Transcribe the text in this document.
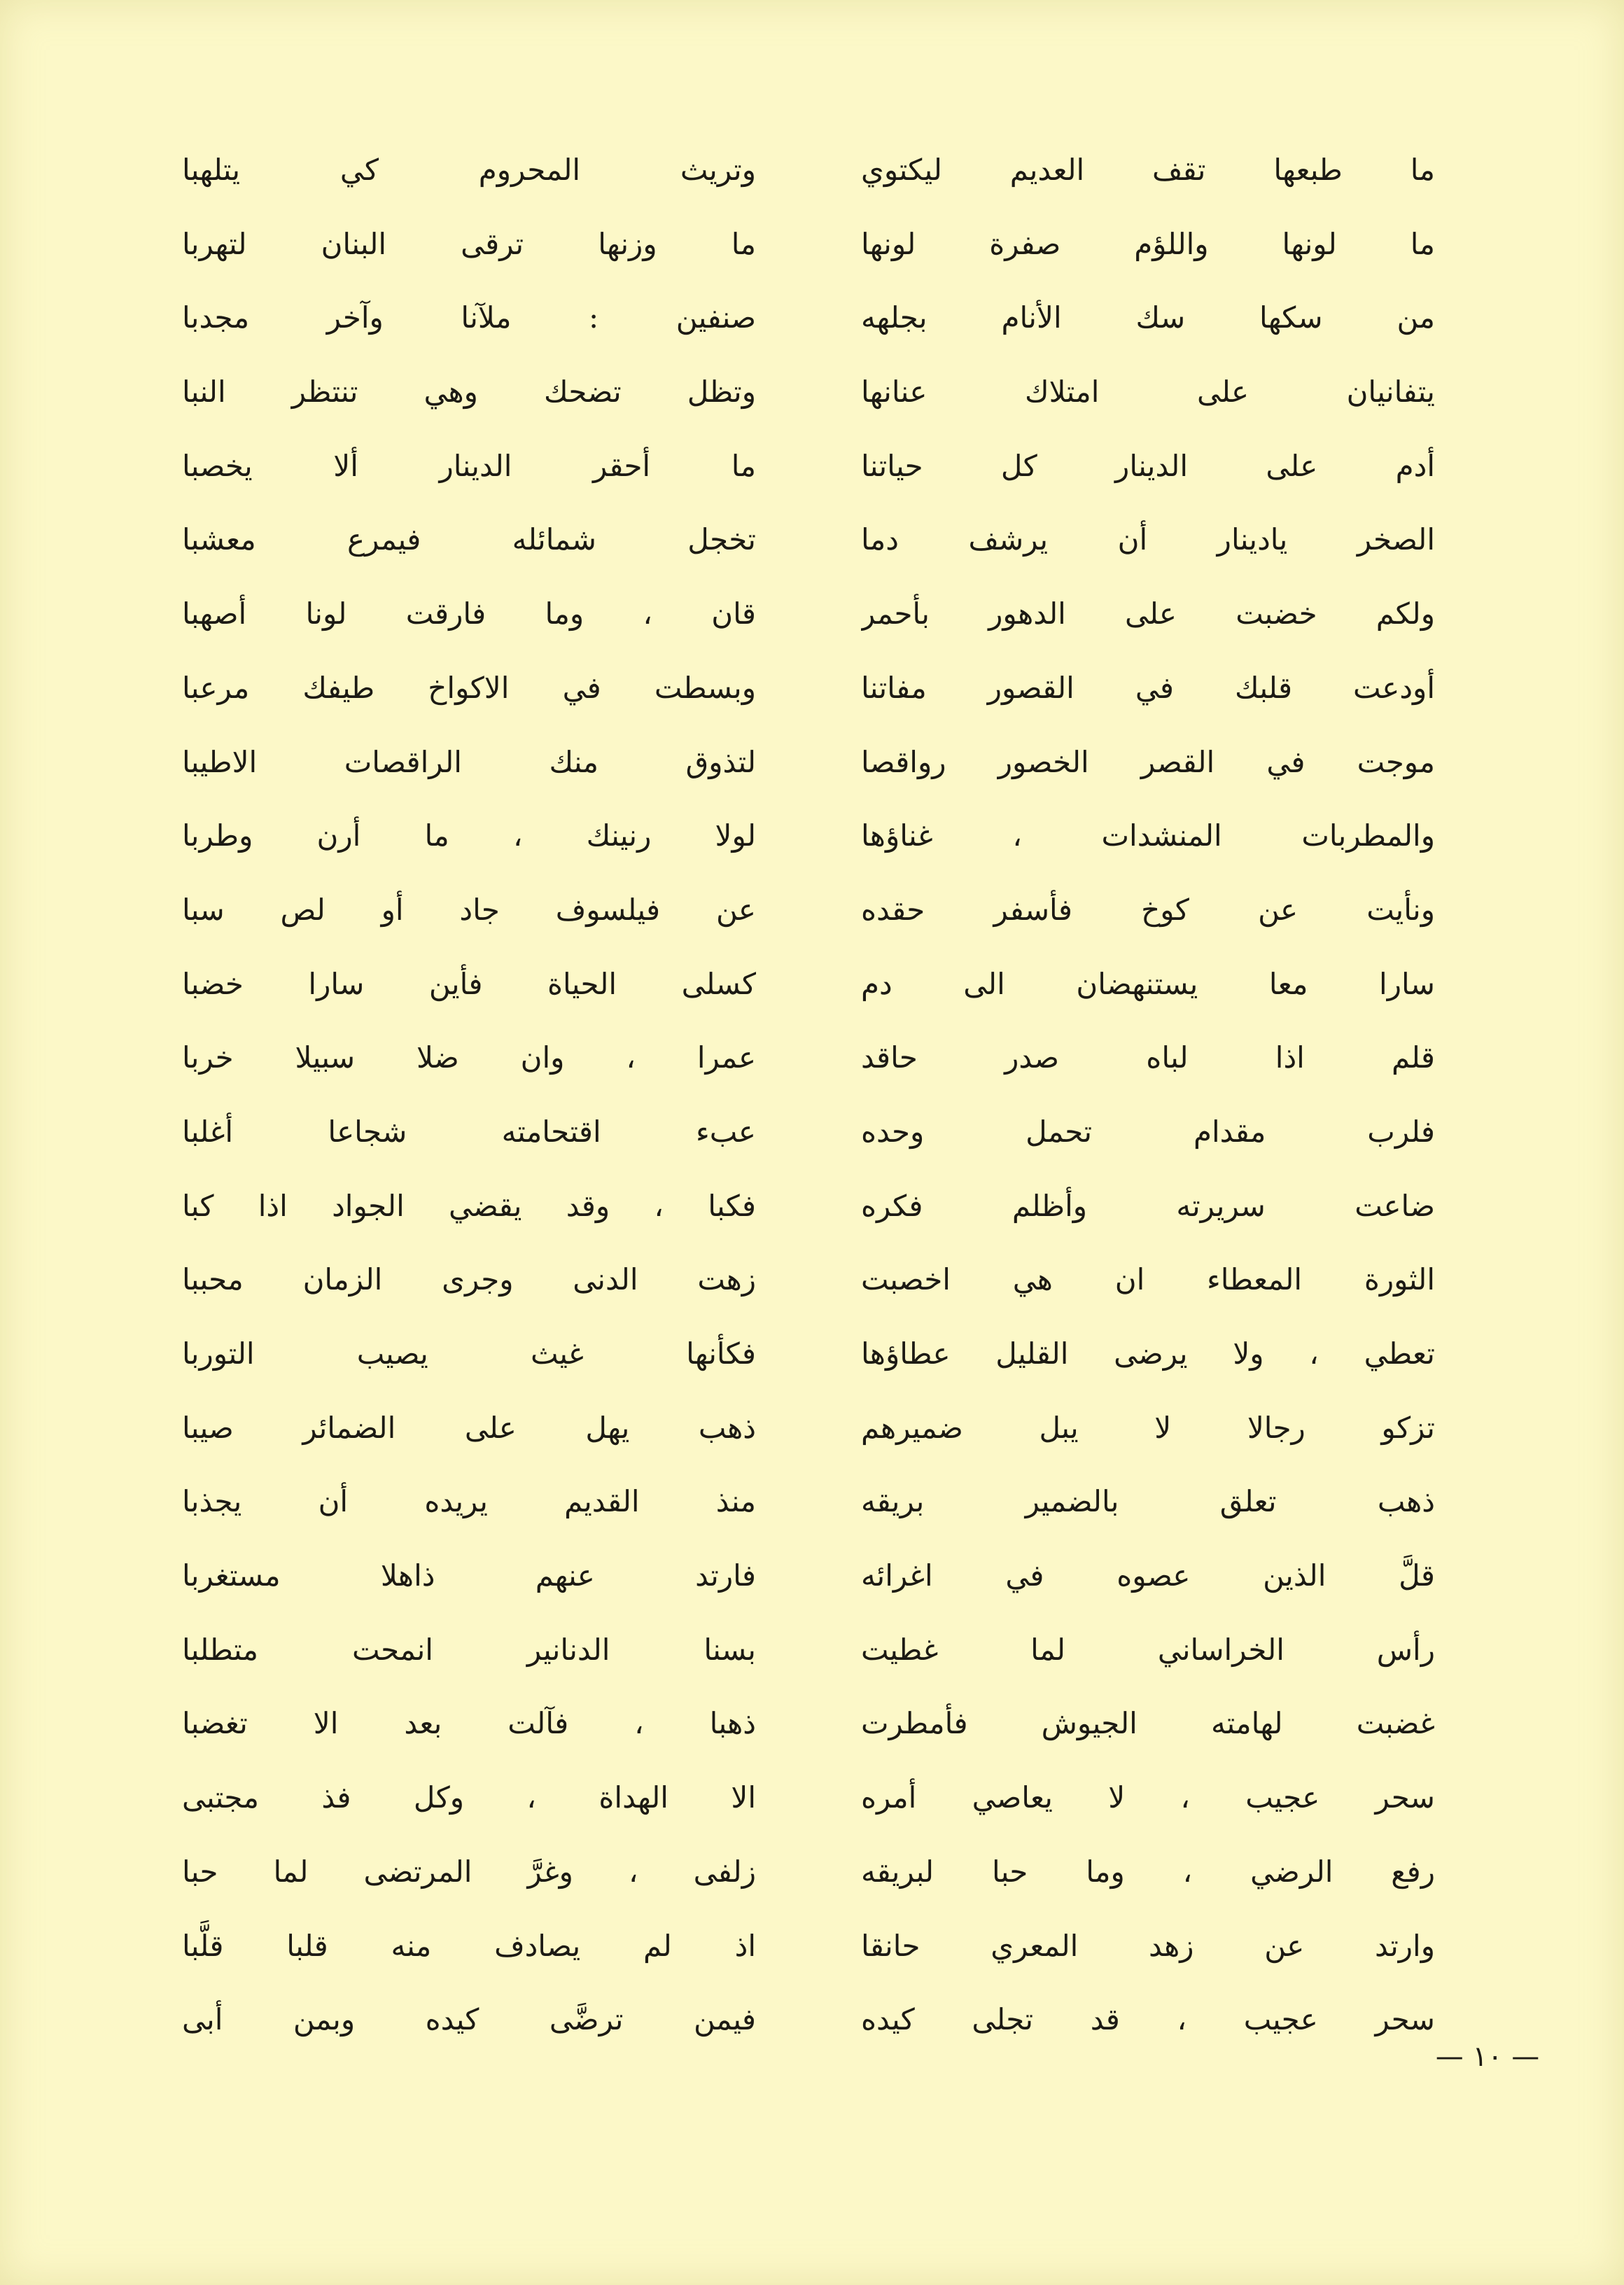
ما طبعها تقف العديم ليكتوي
ما لونها واللؤم صفرة لونها
من سكها سك الأنام بجلهه
يتفانيان على امتلاك عنانها
أدم على الدينار كل حياتنا
الصخر يادينار أن يرشف دما
ولكم خضبت على الدهور بأحمر
أودعت قلبك في القصور مفاتنا
موجت في القصر الخصور رواقصا
والمطربات المنشدات ، غناؤها
ونأيت عن كوخ فأسفر حقده
سارا معا يستنهضان الى دم
قلم اذا لباه صدر حاقد
فلرب مقدام تحمل وحده
ضاعت سريرته وأظلم فكره
الثورة المعطاء ان هي اخصبت
تعطي ، ولا يرضى القليل عطاؤها
تزكو رجالا لا يبل ضميرهم
ذهب تعلق بالضمير بريقه
قلَّ الذين عصوه في اغرائه
رأس الخراساني لما غطيت
غضبت لهامته الجيوش فأمطرت
سحر عجيب ، لا يعاصي أمره
رفع الرضي ، وما حبا لبريقه
وارتد عن زهد المعري حانقا
سحر عجيب ، قد تجلى كيده
وتريث المحروم كي يتلهبا
ما وزنها ترقى البنان لتهربا
صنفين : ملآنا وآخر مجدبا
وتظل تضحك وهي تنتظر النبا
ما أحقر الدينار ألا يخصبا
تخجل شمائله فيمرع معشبا
قان ، وما فارقت لونا أصهبا
وبسطت في الاكواخ طيفك مرعبا
لتذوق منك الراقصات الاطيبا
لولا رنينك ، ما أرن وطربا
عن فيلسوف جاد أو لص سبا
كسلى الحياة فأين سارا خضبا
عمرا ، وان ضلا سبيلا خربا
عبء اقتحامته شجاعا أغلبا
فكبا ، وقد يقضي الجواد اذا كبا
زهت الدنى وجرى الزمان محببا
فكأنها غيث يصيب التوربا
ذهب يهل على الضمائر صيبا
منذ القديم يريده أن يجذبا
فارتد عنهم ذاهلا مستغربا
بسنا الدنانير انمحت متطلبا
ذهبا ، فآلت بعد الا تغضبا
الا الهداة ، وكل فذ مجتبى
زلفى ، وغرَّ المرتضى لما حبا
اذ لم يصادف منه قلبا قلَّبا
فيمن ترضَّى كيده وبمن أبى
— ١٠ —
